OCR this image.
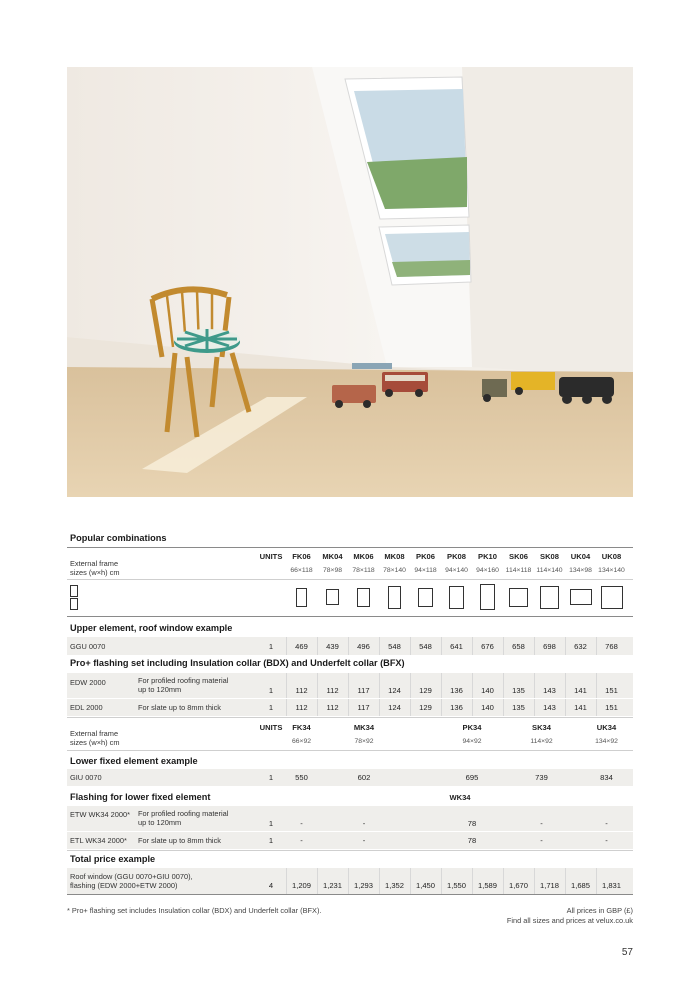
Popular combinations
UNITS
External frame
sizes (w×h) cm
FK06	MK04	MK06	MK08	PK06	PK08	PK10	SK06	SK08	UK04	UK08
66×118	78×98	78×118	78×140	94×118	94×140	94×160 114×118 114×140 134×98 134×140
Upper element, roof window example
GGU 0070	1	469	439	496	548	548	641	676	658	698	632	768
Pro+ flashing set including Insulation collar (BDX) and Underfelt collar (BFX)
EDW 2000	For profiled roofing material
up to 120mm	1	112	112	117	124	129	136	140	135	143	141	151
EDL 2000	For slate up to 8mm thick	1	112	112	117	124	129	136	140	135	143	141	151
UNITS
External frame
sizes (w×h) cm
FK34	MK34	PK34	SK34	UK34
66×92	78×92	94×92	114×92	134×92
Lower fixed element example
GIU 0070	1	550	602	695	739	834
Flashing for lower fixed element	WK34
ETW WK34 2000* For profiled roofing material
up to 120mm	1	-	-	78	-	-
ETL WK34 2000* For slate up to 8mm thick	1	-	-	78	-	-
Total price example
Roof window (GGU 0070+GIU 0070),
flashing (EDW 2000+ETW 2000)	4	1,209	1,231	1,293	1,352	1,450	1,550	1,589	1,670	1,718	1,685	1,831
* Pro+ flashing set includes Insulation collar (BDX) and Underfelt collar (BFX).	All prices in GBP (£)
Find all sizes and prices at velux.co.uk
57
